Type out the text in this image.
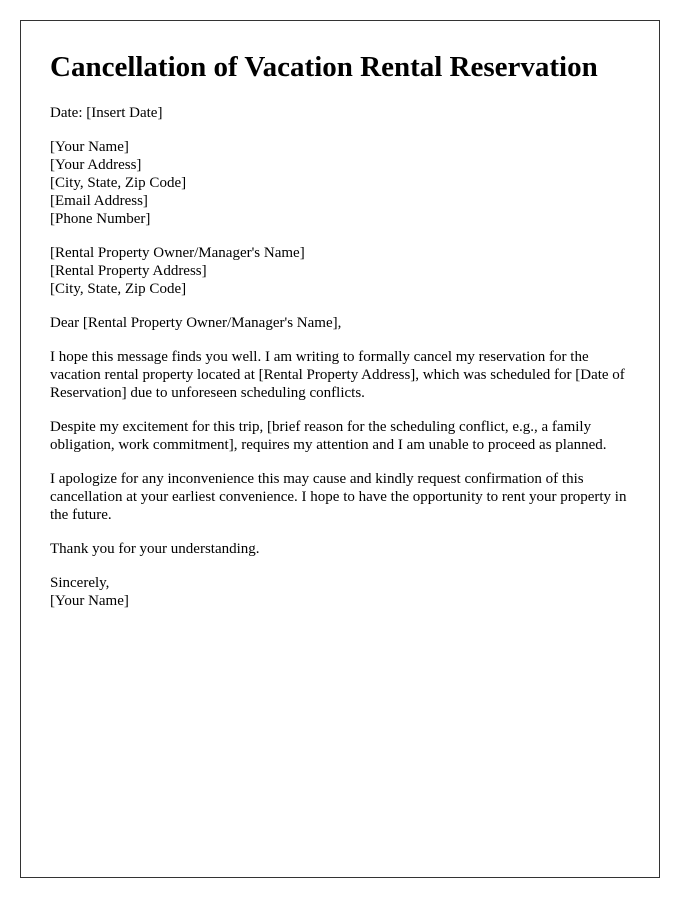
Cancellation of Vacation Rental Reservation

Date: [Insert Date]

[Your Name]
[Your Address]
[City, State, Zip Code]
[Email Address]
[Phone Number]

[Rental Property Owner/Manager's Name]
[Rental Property Address]
[City, State, Zip Code]

Dear [Rental Property Owner/Manager's Name],

I hope this message finds you well. I am writing to formally cancel my reservation for the vacation rental property located at [Rental Property Address], which was scheduled for [Date of Reservation] due to unforeseen scheduling conflicts.

Despite my excitement for this trip, [brief reason for the scheduling conflict, e.g., a family obligation, work commitment], requires my attention and I am unable to proceed as planned.

I apologize for any inconvenience this may cause and kindly request confirmation of this cancellation at your earliest convenience. I hope to have the opportunity to rent your property in the future.

Thank you for your understanding.

Sincerely,
[Your Name]
